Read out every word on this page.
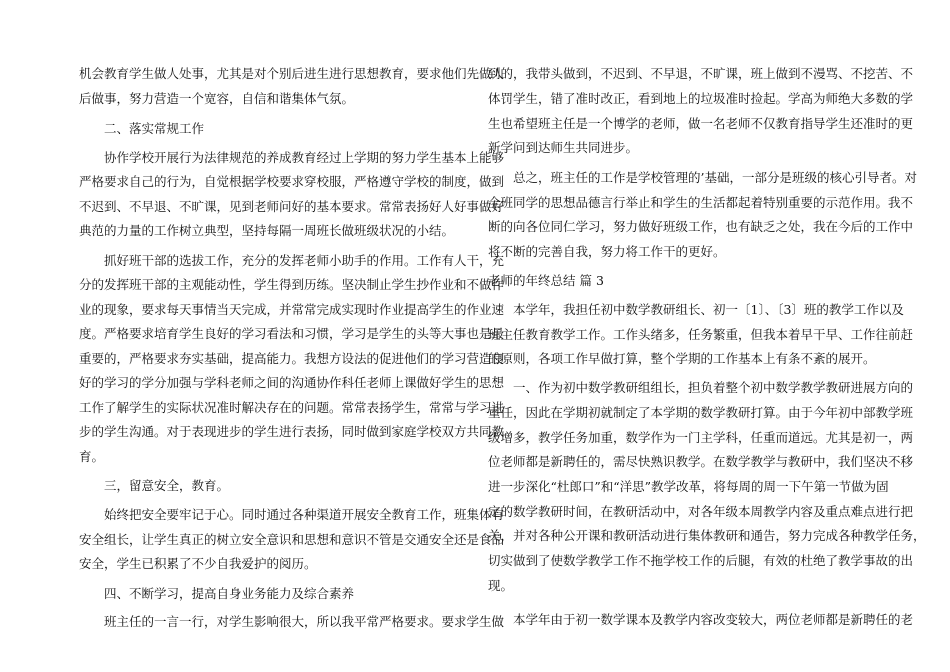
机会教育学生做人处事，尤其是对个别后进生进行思想教育，要求他们先做人
后做事，努力营造一个宽容，自信和谐集体气氛。
二、落实常规工作
协作学校开展行为法律规范的养成教育经过上学期的努力学生基本上能够
严格要求自己的行为，自觉根据学校要求穿校服，严格遵守学校的制度，做到
不迟到、不早退、不旷课，见到老师问好的基本要求。常常表扬好人好事做好
典范的力量的工作树立典型，坚持每隔一周班长做班级状况的小结。
抓好班干部的选拔工作，充分的发挥老师小助手的作用。工作有人干，充
分的发挥班干部的主观能动性，学生得到历练。坚决制止学生抄作业和不做作
业的现象，要求每天事情当天完成，并常常完成实现时作业提高学生的作业速
度。严格要求培育学生良好的学习看法和习惯，学习是学生的头等大事也是最
重要的，严格要求夯实基础，提高能力。我想方设法的促进他们的学习营造良
好的学习的学分加强与学科老师之间的沟通协作科任老师上课做好学生的思想
工作了解学生的实际状况准时解决存在的问题。常常表扬学生，常常与学习进
步的学生沟通。对于表现进步的学生进行表扬，同时做到家庭学校双方共同教
育。
三，留意安全，教育。
始终把安全要牢记于心。同时通过各种渠道开展安全教育工作，班集体有
安全组长，让学生真正的树立安全意识和思想和意识不管是交通安全还是食品
安全，学生已积累了不少自我爱护的阅历。
四、不断学习，提高自身业务能力及综合素养
班主任的一言一行，对学生影响很大，所以我平常严格要求。要求学生做
到的，我带头做到，不迟到、不早退，不旷课，班上做到不漫骂、不挖苦、不
体罚学生，错了准时改正，看到地上的垃圾准时捡起。学高为师绝大多数的学
生也希望班主任是一个博学的老师，做一名老师不仅教育指导学生还准时的更
新学问到达师生共同进步。
总之，班主任的工作是学校管理的’基础，一部分是班级的核心引导者。对
全班同学的思想品德言行举止和学生的生活都起着特别重要的示范作用。我不
断的向各位同仁学习，努力做好班级工作，也有缺乏之处，我在今后的工作中
将不断的完善自我，努力将工作干的更好。
老师的年终总结 篇 3
本学年，我担任初中数学教研组长、初一〔1〕、〔3〕班的教学工作以及
班主任教育教学工作。工作头绪多，任务繁重，但我本着早干早、工作往前赶
的原则，各项工作早做打算，整个学期的工作基本上有条不紊的展开。
一、作为初中数学教研组组长，担负着整个初中数学教学教研进展方向的
重任，因此在学期初就制定了本学期的数学教研打算。由于今年初中部教学班
级增多，教学任务加重，数学作为一门主学科，任重而道远。尤其是初一，两
位老师都是新聘任的，需尽快熟识教学。在数学教学与教研中，我们坚决不移
进一步深化“杜郎口”和“洋思”教学改革，将每周的周一下午第一节做为固
定的数学教研时间，在教研活动中，对各年级本周教学内容及重点难点进行把
关，并对各种公开课和教研活动进行集体教研和通告，努力完成各种教学任务，
切实做到了使数学教学工作不拖学校工作的后腿，有效的杜绝了教学事故的出
现。
本学年由于初一数学课本及教学内容改变较大，两位老师都是新聘任的老
